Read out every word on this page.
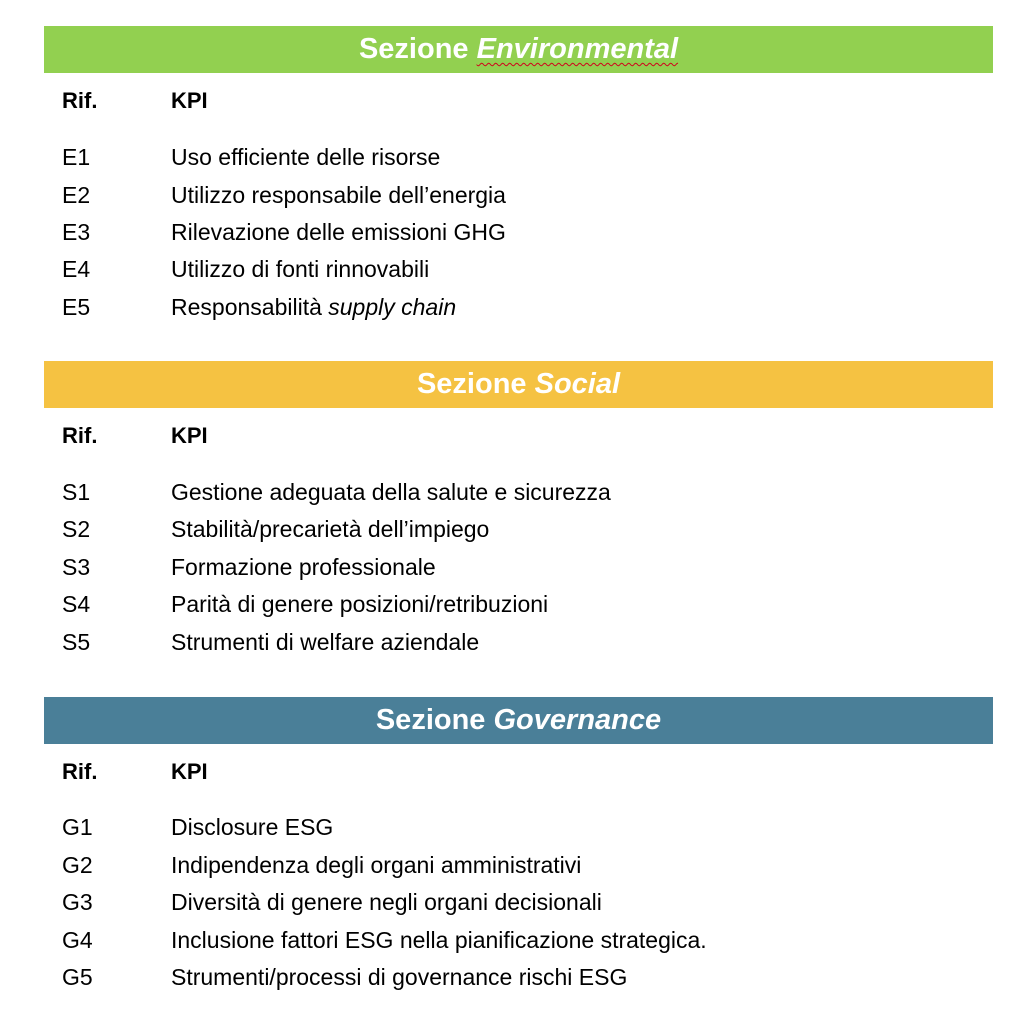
Sezione Environmental
Rif.	KPI
E1	Uso efficiente delle risorse
E2	Utilizzo responsabile dell’energia
E3	Rilevazione delle emissioni GHG
E4	Utilizzo di fonti rinnovabili
E5	Responsabilità supply chain
Sezione Social
Rif.	KPI
S1	Gestione adeguata della salute e sicurezza
S2	Stabilità/precarietà dell’impiego
S3	Formazione professionale
S4	Parità di genere posizioni/retribuzioni
S5	Strumenti di welfare aziendale
Sezione Governance
Rif.	KPI
G1	Disclosure ESG
G2	Indipendenza degli organi amministrativi
G3	Diversità di genere negli organi decisionali
G4	Inclusione fattori ESG nella pianificazione strategica.
G5	Strumenti/processi di governance rischi ESG
